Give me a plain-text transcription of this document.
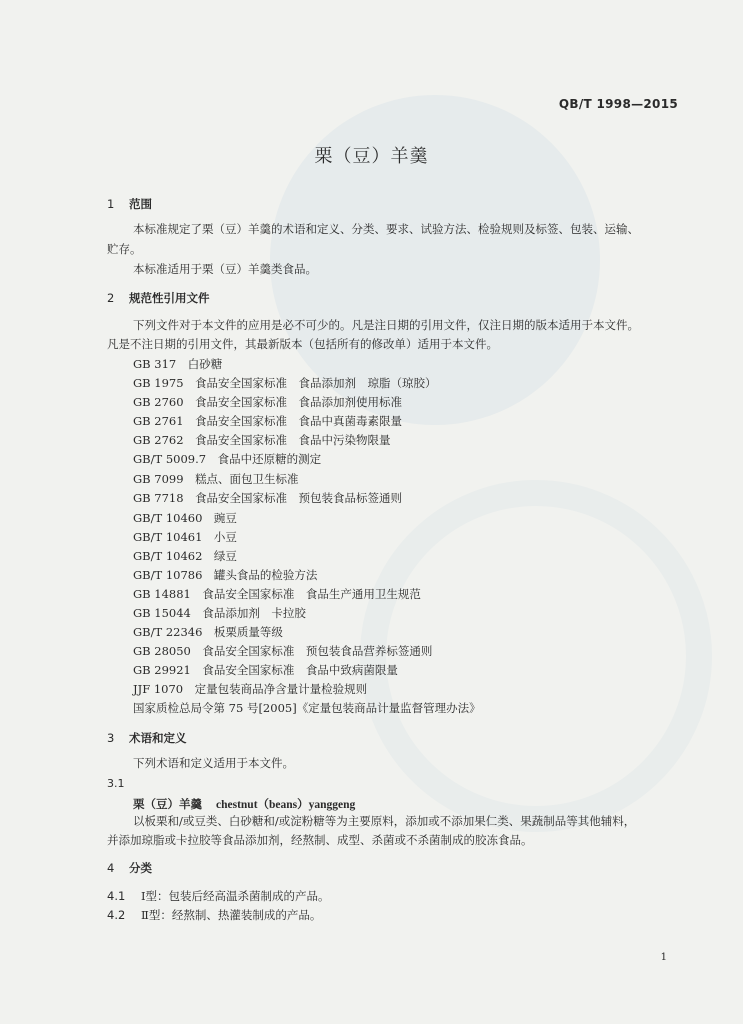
QB/T 1998—2015
栗（豆）羊羹
1 范围
本标准规定了栗（豆）羊羹的术语和定义、分类、要求、试验方法、检验规则及标签、包装、运输、
贮存。
本标准适用于栗（豆）羊羹类食品。
2 规范性引用文件
下列文件对于本文件的应用是必不可少的。凡是注日期的引用文件，仅注日期的版本适用于本文件。
凡是不注日期的引用文件，其最新版本（包括所有的修改单）适用于本文件。
GB 317　 白砂糖
GB 1975　 食品安全国家标准　食品添加剂　琼脂（琼胶）
GB 2760　 食品安全国家标准　食品添加剂使用标准
GB 2761　 食品安全国家标准　食品中真菌毒素限量
GB 2762　 食品安全国家标准　食品中污染物限量
GB/T 5009.7　 食品中还原糖的测定
GB 7099　 糕点、面包卫生标准
GB 7718　 食品安全国家标准　预包装食品标签通则
GB/T 10460　 豌豆
GB/T 10461　 小豆
GB/T 10462　 绿豆
GB/T 10786　 罐头食品的检验方法
GB 14881　 食品安全国家标准　食品生产通用卫生规范
GB 15044　 食品添加剂　卡拉胶
GB/T 22346　 板栗质量等级
GB 28050　 食品安全国家标准　预包装食品营养标签通则
GB 29921　 食品安全国家标准　食品中致病菌限量
JJF 1070　 定量包装商品净含量计量检验规则
国家质检总局令第 75 号[2005]《定量包装商品计量监督管理办法》
3 术语和定义
下列术语和定义适用于本文件。
3.1
栗（豆）羊羹 chestnut（beans）yanggeng
以板栗和/或豆类、白砂糖和/或淀粉糖等为主要原料，添加或不添加果仁类、果蔬制品等其他辅料，
并添加琼脂或卡拉胶等食品添加剂，经熬制、成型、杀菌或不杀菌制成的胶冻食品。
4 分类
4.1 Ⅰ型：包装后经高温杀菌制成的产品。
4.2 Ⅱ型：经熬制、热灌装制成的产品。
1
